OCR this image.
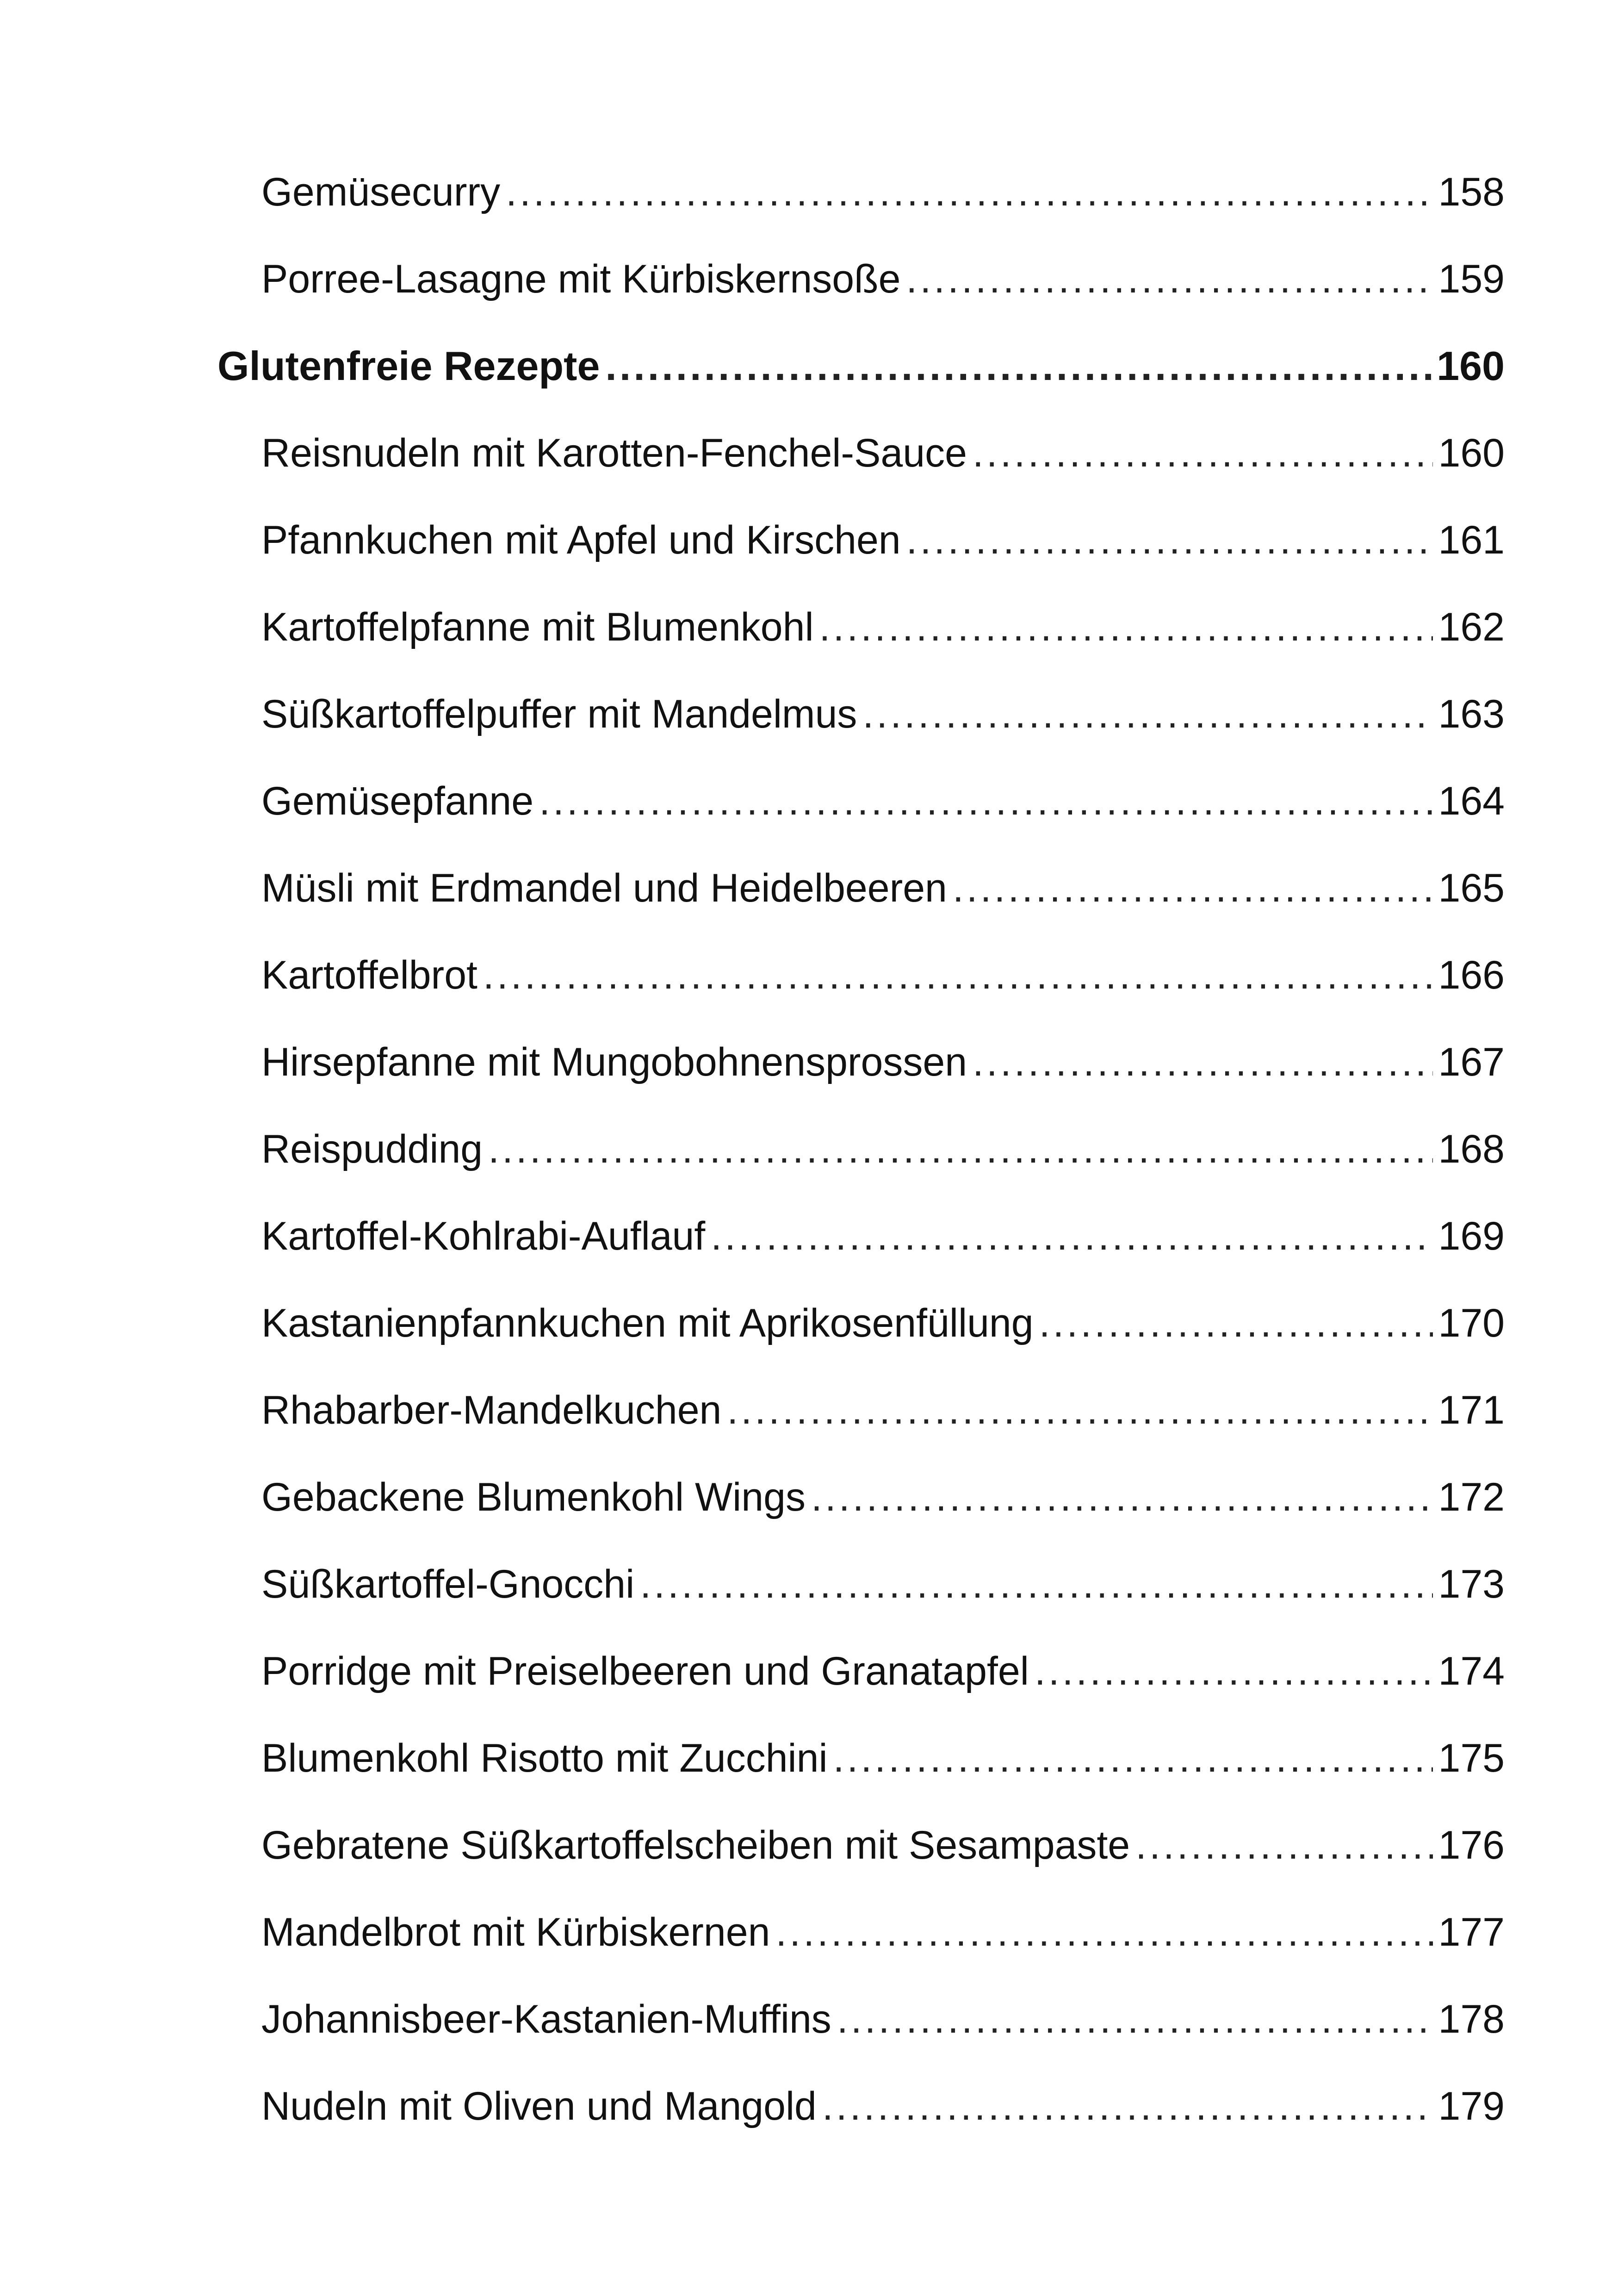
Gemüsecurry .....	158
Porree-Lasagne mit Kürbiskernsoße .....	159
Glutenfreie Rezepte .....	160
Reisnudeln mit Karotten-Fenchel-Sauce .....	160
Pfannkuchen mit Apfel und Kirschen .....	161
Kartoffelpfanne mit Blumenkohl .....	162
Süßkartoffelpuffer mit Mandelmus .....	163
Gemüsepfanne .....	164
Müsli mit Erdmandel und Heidelbeeren .....	165
Kartoffelbrot .....	166
Hirsepfanne mit Mungobohnensprossen .....	167
Reispudding .....	168
Kartoffel-Kohlrabi-Auflauf .....	169
Kastanienpfannkuchen mit Aprikosenfüllung .....	170
Rhabarber-Mandelkuchen .....	171
Gebackene Blumenkohl Wings .....	172
Süßkartoffel-Gnocchi .....	173
Porridge mit Preiselbeeren und Granatapfel .....	174
Blumenkohl Risotto mit Zucchini .....	175
Gebratene Süßkartoffelscheiben mit Sesampaste .....	176
Mandelbrot mit Kürbiskernen .....	177
Johannisbeer-Kastanien-Muffins .....	178
Nudeln mit Oliven und Mangold .....	179
